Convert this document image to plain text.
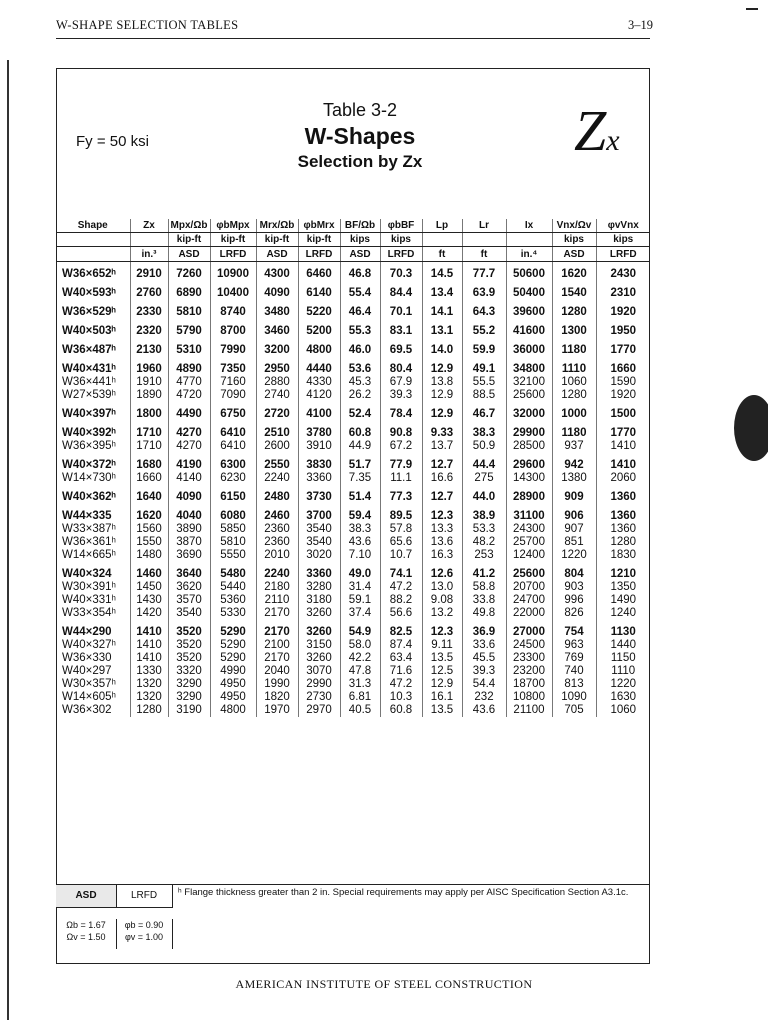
W-SHAPE SELECTION TABLES	3–19
Fy = 50 ksi
Table 3-2
W-Shapes
Selection by Zx	Zx
Shape	Zx	Mpx/Ωb	φbMpx	Mrx/Ωb	φbMrx	BF/Ωb	φbBF	Lp	Lr	Ix	Vnx/Ωv	φvVnx
		kip-ft	kip-ft	kip-ft	kip-ft	kips	kips				kips	kips
	in.³	ASD	LRFD	ASD	LRFD	ASD	LRFD	ft	ft	in.⁴	ASD	LRFD

W36×652ʰ	2910	7260	10900	4300	6460	46.8	70.3	14.5	77.7	50600	1620	2430

W40×593ʰ	2760	6890	10400	4090	6140	55.4	84.4	13.4	63.9	50400	1540	2310

W36×529ʰ	2330	5810	8740	3480	5220	46.4	70.1	14.1	64.3	39600	1280	1920

W40×503ʰ	2320	5790	8700	3460	5200	55.3	83.1	13.1	55.2	41600	1300	1950

W36×487ʰ	2130	5310	7990	3200	4800	46.0	69.5	14.0	59.9	36000	1180	1770

W40×431ʰ	1960	4890	7350	2950	4440	53.6	80.4	12.9	49.1	34800	1110	1660
W36×441ʰ	1910	4770	7160	2880	4330	45.3	67.9	13.8	55.5	32100	1060	1590
W27×539ʰ	1890	4720	7090	2740	4120	26.2	39.3	12.9	88.5	25600	1280	1920

W40×397ʰ	1800	4490	6750	2720	4100	52.4	78.4	12.9	46.7	32000	1000	1500

W40×392ʰ	1710	4270	6410	2510	3780	60.8	90.8	9.33	38.3	29900	1180	1770
W36×395ʰ	1710	4270	6410	2600	3910	44.9	67.2	13.7	50.9	28500	937	1410

W40×372ʰ	1680	4190	6300	2550	3830	51.7	77.9	12.7	44.4	29600	942	1410
W14×730ʰ	1660	4140	6230	2240	3360	7.35	11.1	16.6	275	14300	1380	2060

W40×362ʰ	1640	4090	6150	2480	3730	51.4	77.3	12.7	44.0	28900	909	1360

W44×335	1620	4040	6080	2460	3700	59.4	89.5	12.3	38.9	31100	906	1360
W33×387ʰ	1560	3890	5850	2360	3540	38.3	57.8	13.3	53.3	24300	907	1360
W36×361ʰ	1550	3870	5810	2360	3540	43.6	65.6	13.6	48.2	25700	851	1280
W14×665ʰ	1480	3690	5550	2010	3020	7.10	10.7	16.3	253	12400	1220	1830

W40×324	1460	3640	5480	2240	3360	49.0	74.1	12.6	41.2	25600	804	1210
W30×391ʰ	1450	3620	5440	2180	3280	31.4	47.2	13.0	58.8	20700	903	1350
W40×331ʰ	1430	3570	5360	2110	3180	59.1	88.2	9.08	33.8	24700	996	1490
W33×354ʰ	1420	3540	5330	2170	3260	37.4	56.6	13.2	49.8	22000	826	1240

W44×290	1410	3520	5290	2170	3260	54.9	82.5	12.3	36.9	27000	754	1130
W40×327ʰ	1410	3520	5290	2100	3150	58.0	87.4	9.11	33.6	24500	963	1440
W36×330	1410	3520	5290	2170	3260	42.2	63.4	13.5	45.5	23300	769	1150
W40×297	1330	3320	4990	2040	3070	47.8	71.6	12.5	39.3	23200	740	1110
W30×357ʰ	1320	3290	4950	1990	2990	31.3	47.2	12.9	54.4	18700	813	1220
W14×605ʰ	1320	3290	4950	1820	2730	6.81	10.3	16.1	232	10800	1090	1630
W36×302	1280	3190	4800	1970	2970	40.5	60.8	13.5	43.6	21100	705	1060
ASD	LRFD
Ωb = 1.67
Ωv = 1.50
φb = 0.90
φv = 1.00
ʰ Flange thickness greater than 2 in. Special requirements may apply per AISC Specification Section A3.1c.
AMERICAN INSTITUTE OF STEEL CONSTRUCTION
